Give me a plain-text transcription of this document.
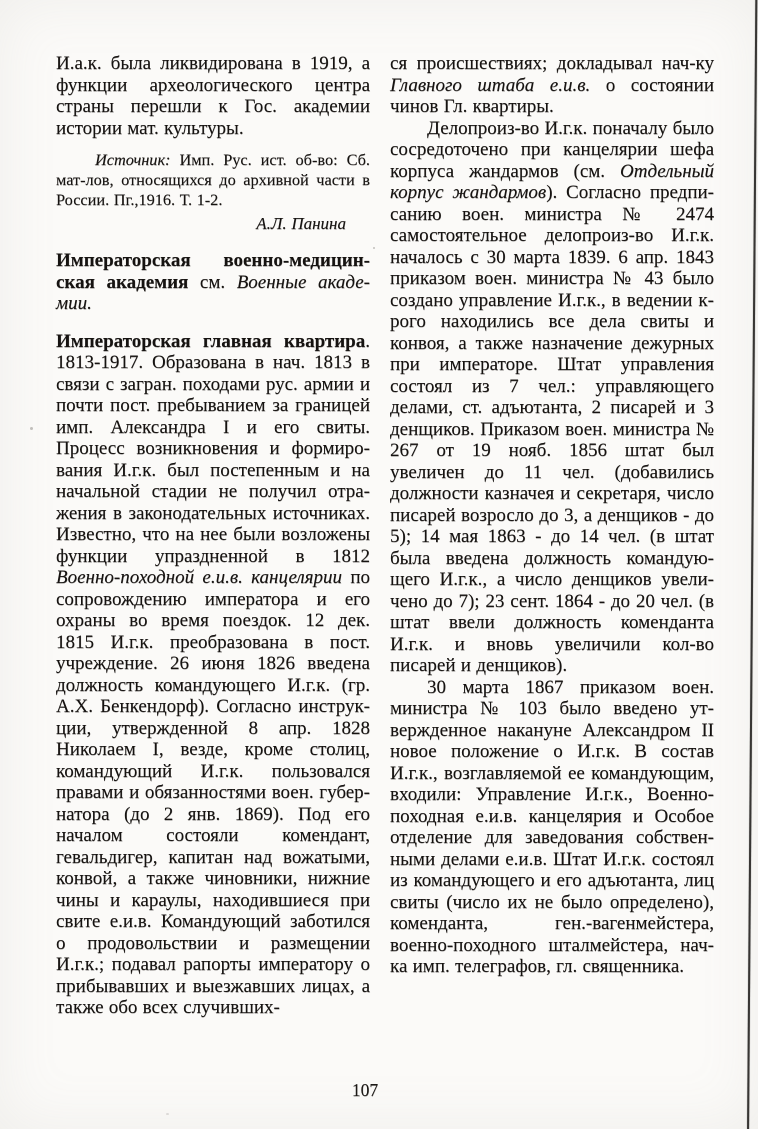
И.а.к. была ликвидирована в 1919, а функции археологического центра страны перешли к Гос. академии истории мат. культуры.

Источник: Имп. Рус. ист. об-во: Сб. мат-лов, относящихся до архивной части в России. Пг.,1916. Т. 1-2.

А.Л. Панина

Императорская военно-медицинская академия см. Военные академии.

Императорская главная квартира. 1813-1917. Образована в нач. 1813 в связи с загран. походами рус. армии и почти пост. пребыванием за границей имп. Александра I и его свиты. Процесс возникновения и формирования И.г.к. был постепенным и на начальной стадии не получил отражения в законодательных источниках. Известно, что на нее были возложены функции упраздненной в 1812 Военно-походной е.и.в. канцелярии по сопровождению императора и его охраны во время поездок. 12 дек. 1815 И.г.к. преобразована в пост. учреждение. 26 июня 1826 введена должность командующего И.г.к. (гр. А.Х. Бенкендорф). Согласно инструкции, утвержденной 8 апр. 1828 Николаем I, везде, кроме столиц, командующий И.г.к. пользовался правами и обязанностями воен. губернатора (до 2 янв. 1869). Под его началом состояли комендант, гевальдигер, капитан над вожатыми, конвой, а также чиновники, нижние чины и караулы, находившиеся при свите е.и.в. Командующий заботился о продовольствии и размещении И.г.к.; подавал рапорты императору о прибывавших и выезжавших лицах, а также обо всех случивших-

ся происшествиях; докладывал нач-ку Главного штаба е.и.в. о состоянии чинов Гл. квартиры.

Делопроиз-во И.г.к. поначалу было сосредоточено при канцелярии шефа корпуса жандармов (см. Отдельный корпус жандармов). Согласно предписанию воен. министра № 2474 самостоятельное делопроиз-во И.г.к. началось с 30 марта 1839. 6 апр. 1843 приказом воен. министра № 43 было создано управление И.г.к., в ведении к-рого находились все дела свиты и конвоя, а также назначение дежурных при императоре. Штат управления состоял из 7 чел.: управляющего делами, ст. адъютанта, 2 писарей и 3 денщиков. Приказом воен. министра № 267 от 19 нояб. 1856 штат был увеличен до 11 чел. (добавились должности казначея и секретаря, число писарей возросло до 3, а денщиков - до 5); 14 мая 1863 - до 14 чел. (в штат была введена должность командующего И.г.к., а число денщиков увеличено до 7); 23 сент. 1864 - до 20 чел. (в штат ввели должность коменданта И.г.к. и вновь увеличили кол-во писарей и денщиков).

30 марта 1867 приказом воен. министра № 103 было введено утвержденное накануне Александром II новое положение о И.г.к. В состав И.г.к., возглавляемой ее командующим, входили: Управление И.г.к., Военно-походная е.и.в. канцелярия и Особое отделение для заведования собственными делами е.и.в. Штат И.г.к. состоял из командующего и его адъютанта, лиц свиты (число их не было определено), коменданта, ген.-вагенмейстера, военно-походного шталмейстера, нач-ка имп. телеграфов, гл. священника.

107
